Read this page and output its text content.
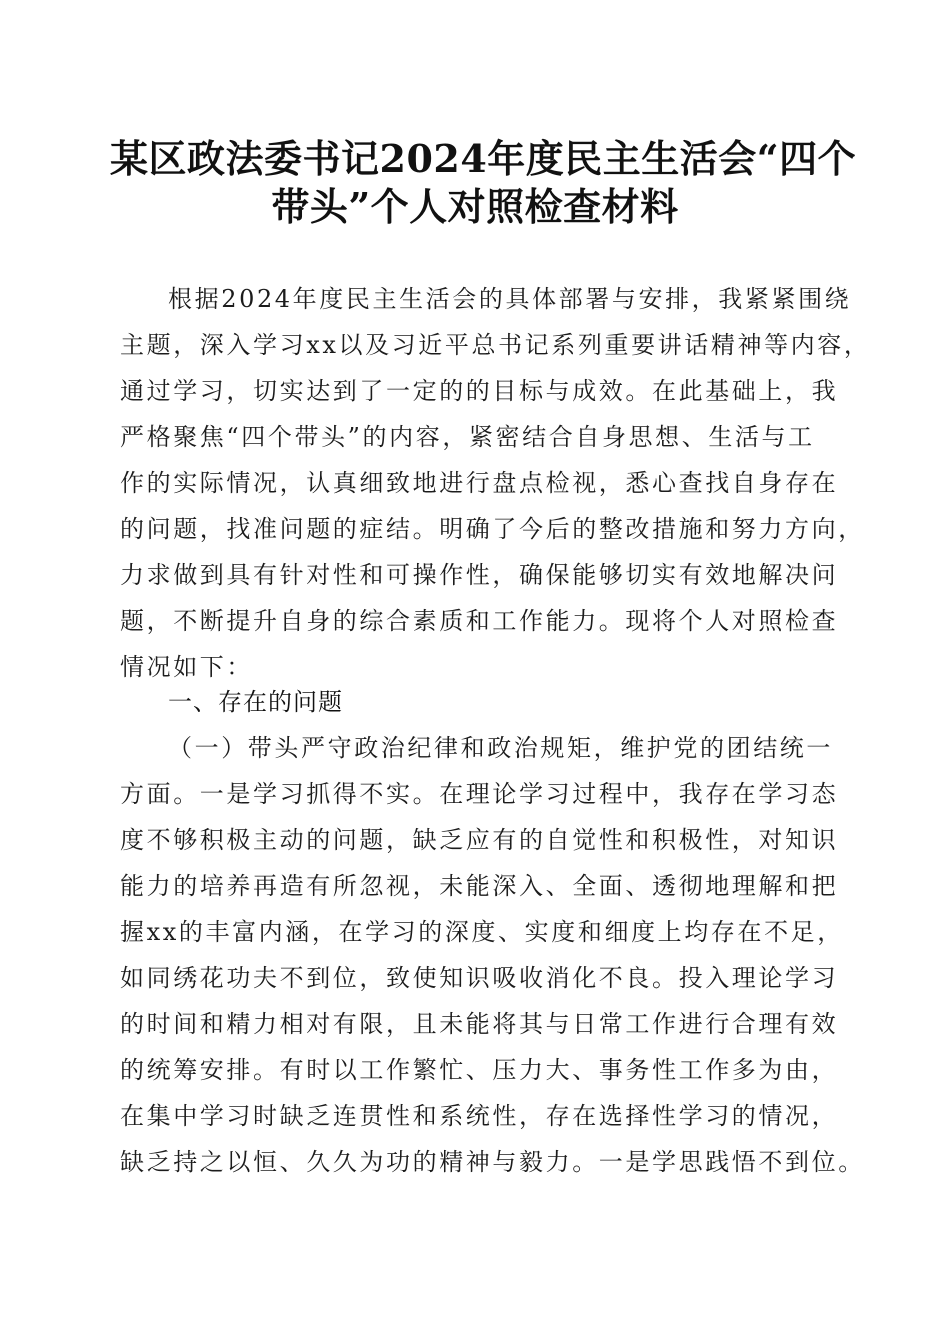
某区政法委书记2024年度民主生活会“四个
带头”个人对照检查材料
根据2024年度民主生活会的具体部署与安排，我紧紧围绕
主题，深入学习xx以及习近平总书记系列重要讲话精神等内容，
通过学习，切实达到了一定的的目标与成效。在此基础上，我
严格聚焦“四个带头”的内容，紧密结合自身思想、生活与工
作的实际情况，认真细致地进行盘点检视，悉心查找自身存在
的问题，找准问题的症结。明确了今后的整改措施和努力方向，
力求做到具有针对性和可操作性，确保能够切实有效地解决问
题，不断提升自身的综合素质和工作能力。现将个人对照检查
情况如下：
一、存在的问题
（一）带头严守政治纪律和政治规矩，维护党的团结统一
方面。一是学习抓得不实。在理论学习过程中，我存在学习态
度不够积极主动的问题，缺乏应有的自觉性和积极性，对知识
能力的培养再造有所忽视，未能深入、全面、透彻地理解和把
握xx的丰富内涵，在学习的深度、实度和细度上均存在不足，
如同绣花功夫不到位，致使知识吸收消化不良。投入理论学习
的时间和精力相对有限，且未能将其与日常工作进行合理有效
的统筹安排。有时以工作繁忙、压力大、事务性工作多为由，
在集中学习时缺乏连贯性和系统性，存在选择性学习的情况，
缺乏持之以恒、久久为功的精神与毅力。一是学思践悟不到位。
